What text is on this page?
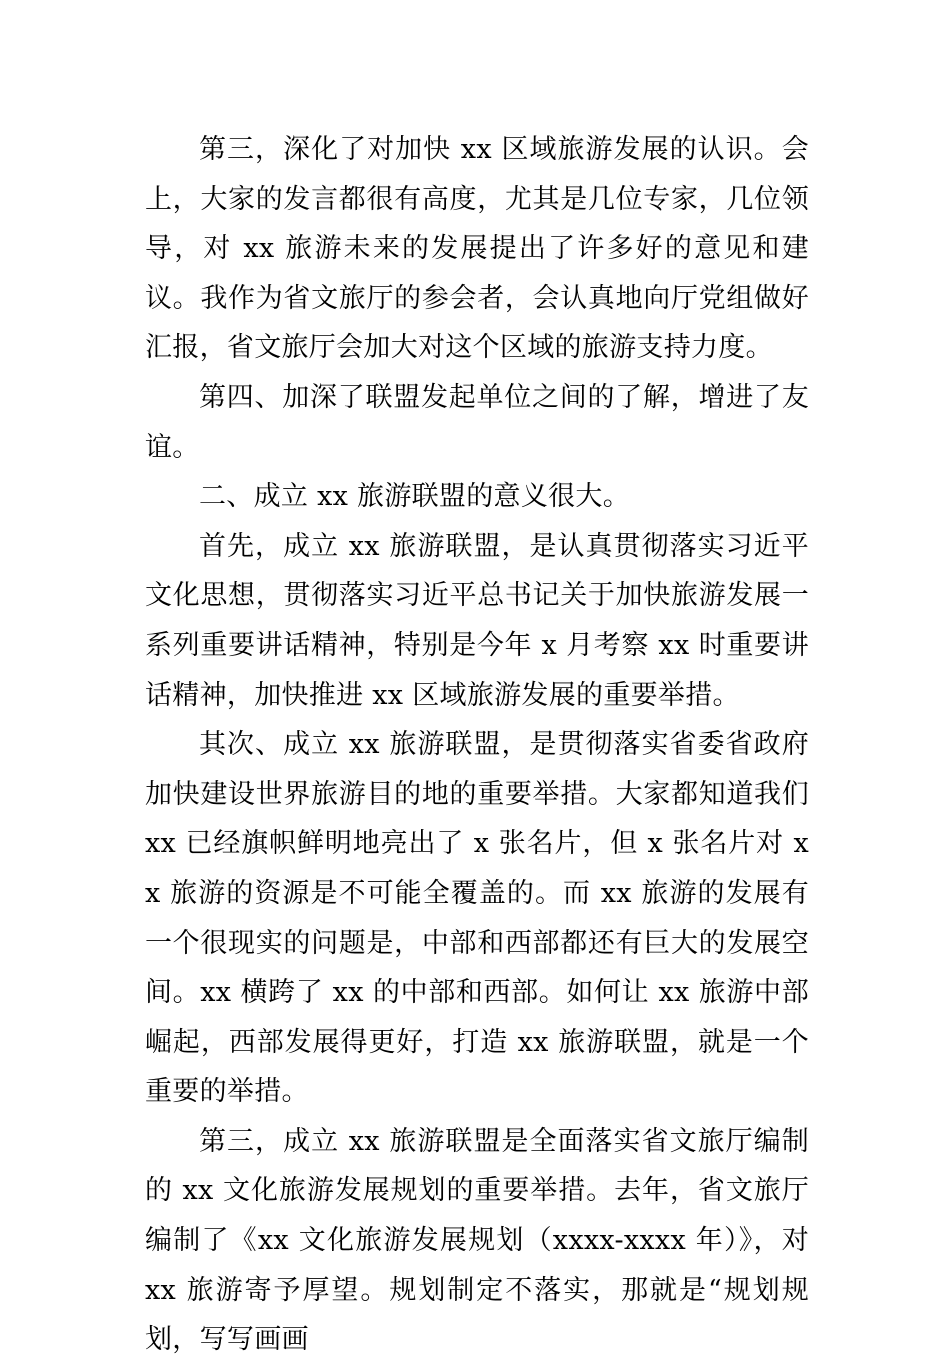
第三，深化了对加快 xx 区域旅游发展的认识。会上，大家的发言都很有高度，尤其是几位专家，几位领导，对 xx 旅游未来的发展提出了许多好的意见和建议。我作为省文旅厅的参会者，会认真地向厅党组做好汇报，省文旅厅会加大对这个区域的旅游支持力度。

第四、加深了联盟发起单位之间的了解，增进了友谊。

二、成立 xx 旅游联盟的意义很大。

首先，成立 xx 旅游联盟，是认真贯彻落实习近平文化思想，贯彻落实习近平总书记关于加快旅游发展一系列重要讲话精神，特别是今年 x 月考察 xx 时重要讲话精神，加快推进 xx 区域旅游发展的重要举措。

其次、成立 xx 旅游联盟，是贯彻落实省委省政府加快建设世界旅游目的地的重要举措。大家都知道我们 xx 已经旗帜鲜明地亮出了 x 张名片，但 x 张名片对 xx 旅游的资源是不可能全覆盖的。而 xx 旅游的发展有一个很现实的问题是，中部和西部都还有巨大的发展空间。xx 横跨了 xx 的中部和西部。如何让 xx 旅游中部崛起，西部发展得更好，打造 xx 旅游联盟，就是一个重要的举措。

第三，成立 xx 旅游联盟是全面落实省文旅厅编制的 xx 文化旅游发展规划的重要举措。去年，省文旅厅编制了《xx 文化旅游发展规划（xxxx-xxxx 年）》，对 xx 旅游寄予厚望。规划制定不落实，那就是“规划规划，写写画画
